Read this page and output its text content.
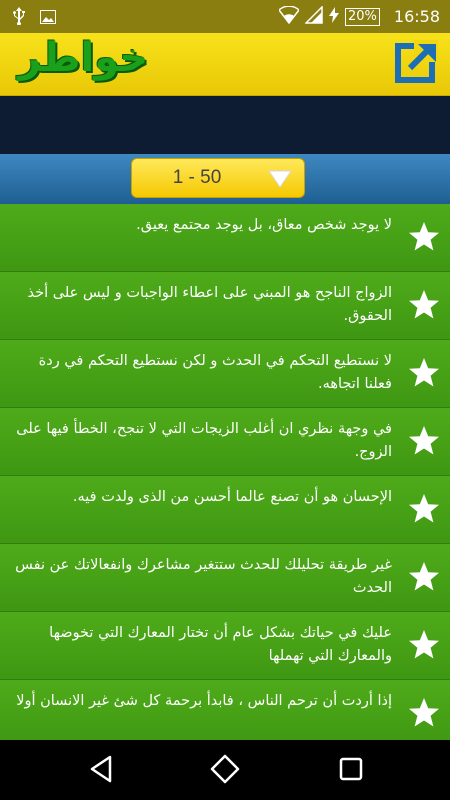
20% 16:58
خواطر
1 - 50
لا يوجد شخص معاق، بل يوجد مجتمع يعيق.
الزواج الناجح هو المبني على اعطاء الواجبات و ليس على أخذ الحقوق.
لا نستطيع التحكم في الحدث و لكن نستطيع التحكم في ردة فعلنا اتجاهه.
في وجهة نظري ان أغلب الزيجات التي لا تنجح، الخطأ فيها على الزوج.
الإحسان هو أن تصنع عالما أحسن من الذى ولدت فيه.
غير طريقة تحليلك للحدث ستتغير مشاعرك وانفعالاتك عن نفس الحدث
عليك في حياتك بشكل عام أن تختار المعارك التي تخوضها والمعارك التي تهملها
إذا أردت أن ترحم الناس ، فابدأ برحمة كل شئ غير الانسان أولا
